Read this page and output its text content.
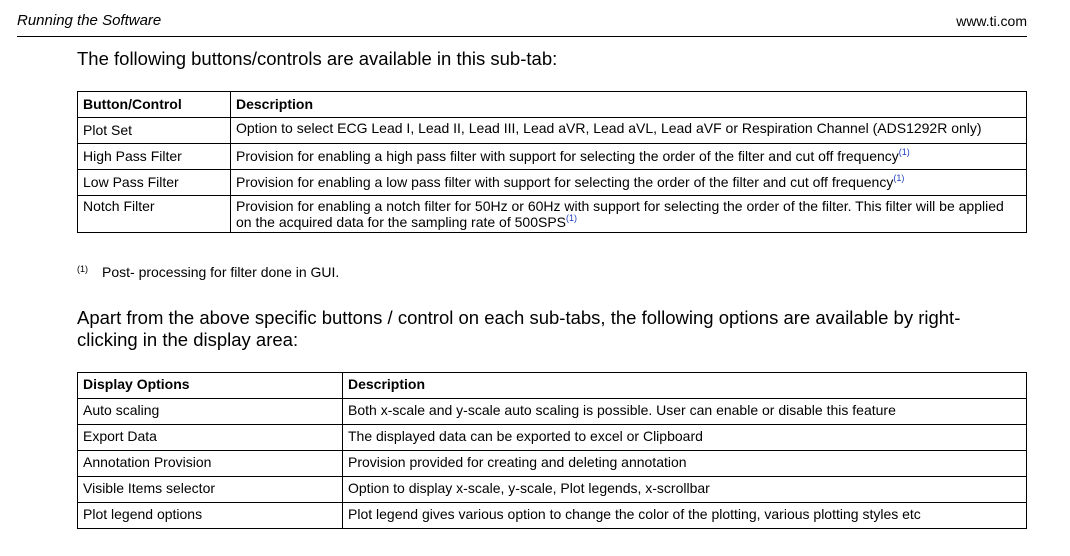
Running the Software	www.ti.com
The following buttons/controls are available in this sub-tab:
Button/Control	Description
Plot Set	Option to select ECG Lead I, Lead II, Lead III, Lead aVR, Lead aVL, Lead aVF or Respiration Channel (ADS1292R only)
High Pass Filter	Provision for enabling a high pass filter with support for selecting the order of the filter and cut off frequency$^{(1)}$
Low Pass Filter	Provision for enabling a low pass filter with support for selecting the order of the filter and cut off frequency$^{(1)}$
Notch Filter	Provision for enabling a notch filter for 50Hz or 60Hz with support for selecting the order of the filter. This filter will be applied on the acquired data for the sampling rate of 500SPS$^{(1)}$
$^{(1)}$ Post- processing for filter done in GUI.
Apart from the above specific buttons / control on each sub-tabs, the following options are available by right-clicking in the display area:
Display Options	Description
Auto scaling	Both x-scale and y-scale auto scaling is possible. User can enable or disable this feature
Export Data	The displayed data can be exported to excel or Clipboard
Annotation Provision	Provision provided for creating and deleting annotation
Visible Items selector	Option to display x-scale, y-scale, Plot legends, x-scrollbar
Plot legend options	Plot legend gives various option to change the color of the plotting, various plotting styles etc
